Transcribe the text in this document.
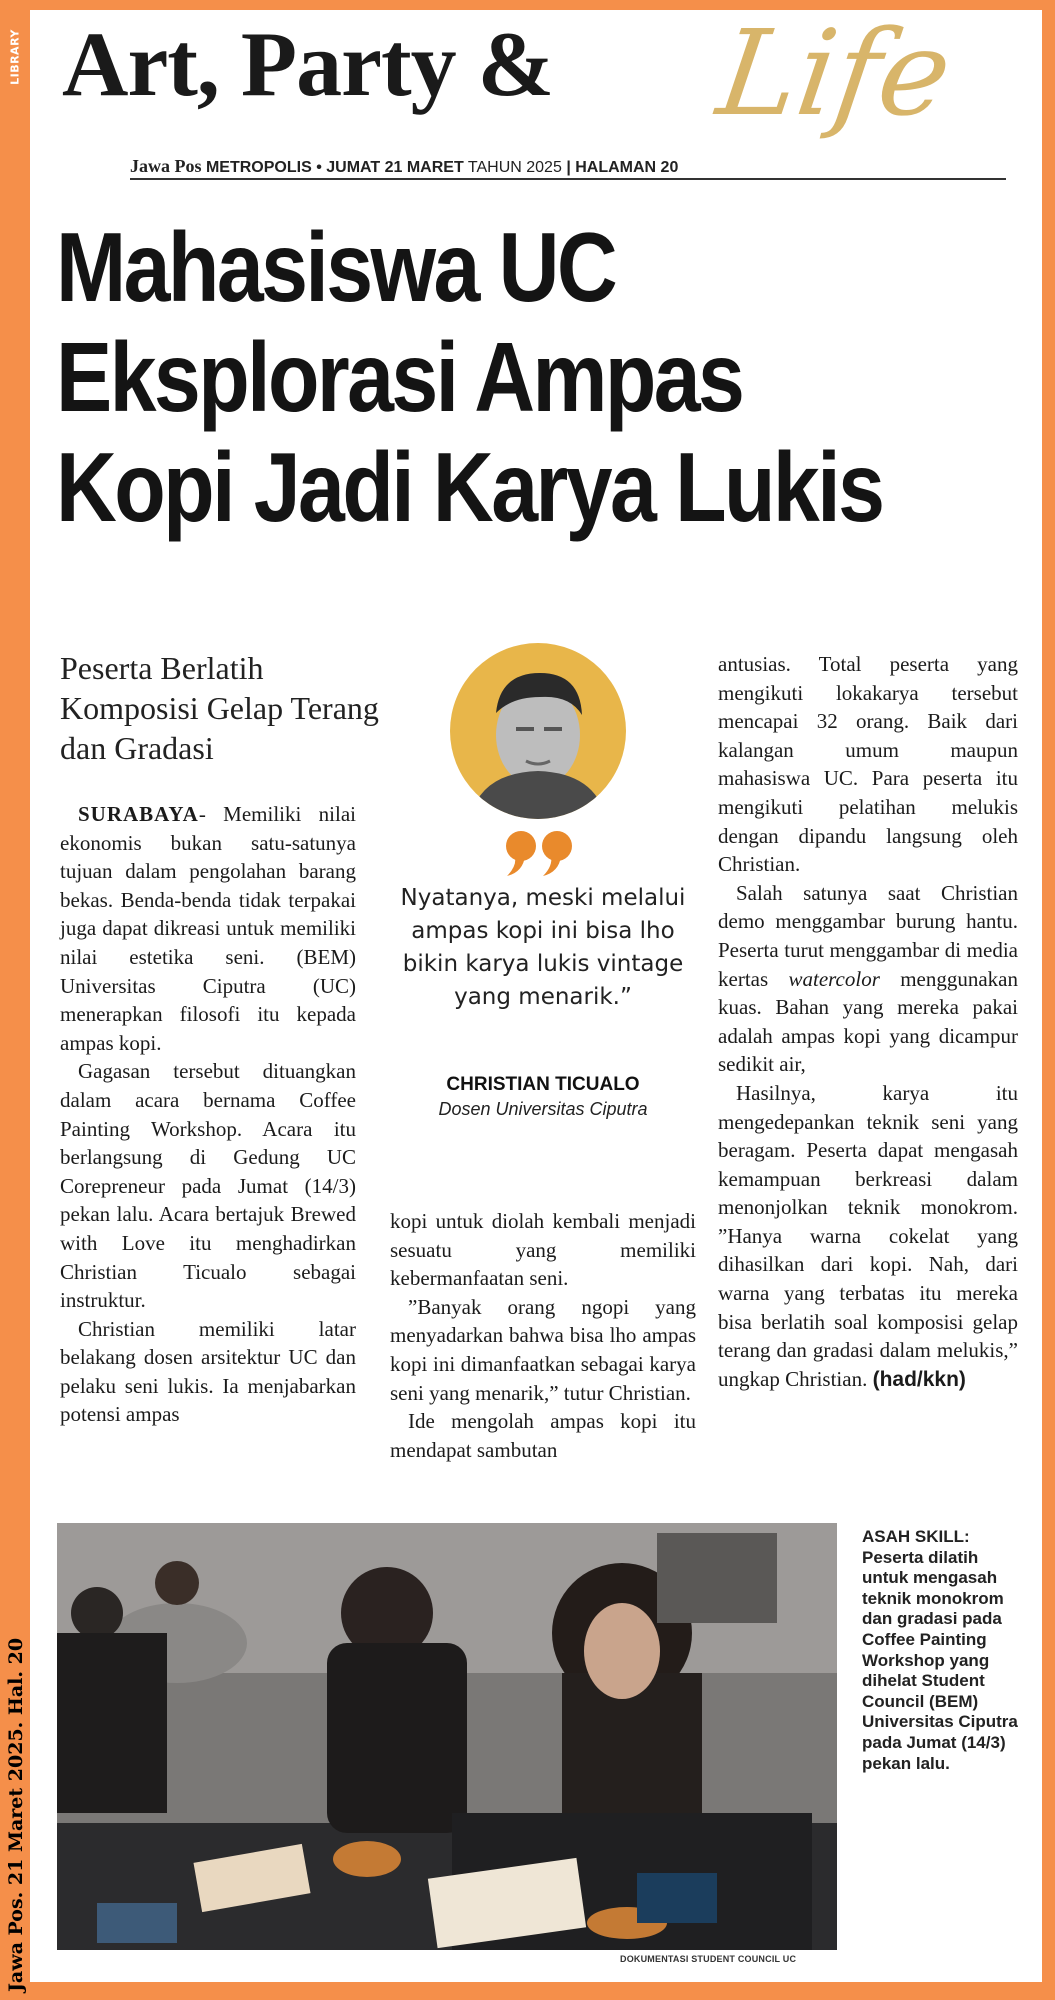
LIBRARY
Jawa Pos. 21 Maret 2025. Hal. 20
Art, Party & Life
Jawa Pos METROPOLIS • JUMAT 21 MARET TAHUN 2025 | HALAMAN 20
Mahasiswa UC
Eksplorasi Ampas
Kopi Jadi Karya Lukis
Peserta Berlatih Komposisi Gelap Terang dan Gradasi

SURABAYA- Memiliki nilai ekonomis bukan satu-satunya tujuan dalam pengolahan barang bekas. Benda-benda tidak terpakai juga dapat dikreasi untuk memiliki nilai estetika seni. (BEM) Universitas Ciputra (UC) menerapkan filosofi itu kepada ampas kopi.

Gagasan tersebut dituangkan dalam acara bernama Coffee Painting Workshop. Acara itu berlangsung di Gedung UC Corepreneur pada Jumat (14/3) pekan lalu. Acara bertajuk Brewed with Love itu menghadirkan Christian Ticualo sebagai instruktur.

Christian memiliki latar belakang dosen arsitektur UC dan pelaku seni lukis. Ia menjabarkan potensi ampas

Nyatanya, meski melalui ampas kopi ini bisa lho bikin karya lukis vintage yang menarik.”
CHRISTIAN TICUALO
Dosen Universitas Ciputra

kopi untuk diolah kembali menjadi sesuatu yang memiliki kebermanfaatan seni.

”Banyak orang ngopi yang menyadarkan bahwa bisa lho ampas kopi ini dimanfaatkan sebagai karya seni yang menarik,” tutur Christian.

Ide mengolah ampas kopi itu mendapat sambutan

antusias. Total peserta yang mengikuti lokakarya tersebut mencapai 32 orang. Baik dari kalangan umum maupun mahasiswa UC. Para peserta itu mengikuti pelatihan melukis dengan dipandu langsung oleh Christian.

Salah satunya saat Christian demo menggambar burung hantu. Peserta turut menggambar di media kertas watercolor menggunakan kuas. Bahan yang mereka pakai adalah ampas kopi yang dicampur sedikit air,

Hasilnya, karya itu mengedepankan teknik seni yang beragam. Peserta dapat mengasah kemampuan berkreasi dalam menonjolkan teknik monokrom. ”Hanya warna cokelat yang dihasilkan dari kopi. Nah, dari warna yang terbatas itu mereka bisa berlatih soal komposisi gelap terang dan gradasi dalam melukis,” ungkap Christian. (had/kkn)

DOKUMENTASI STUDENT COUNCIL UC
ASAH SKILL:
Peserta dilatih untuk mengasah teknik monokrom dan gradasi pada Coffee Painting Workshop yang dihelat Student Council (BEM) Universitas Ciputra pada Jumat (14/3) pekan lalu.
